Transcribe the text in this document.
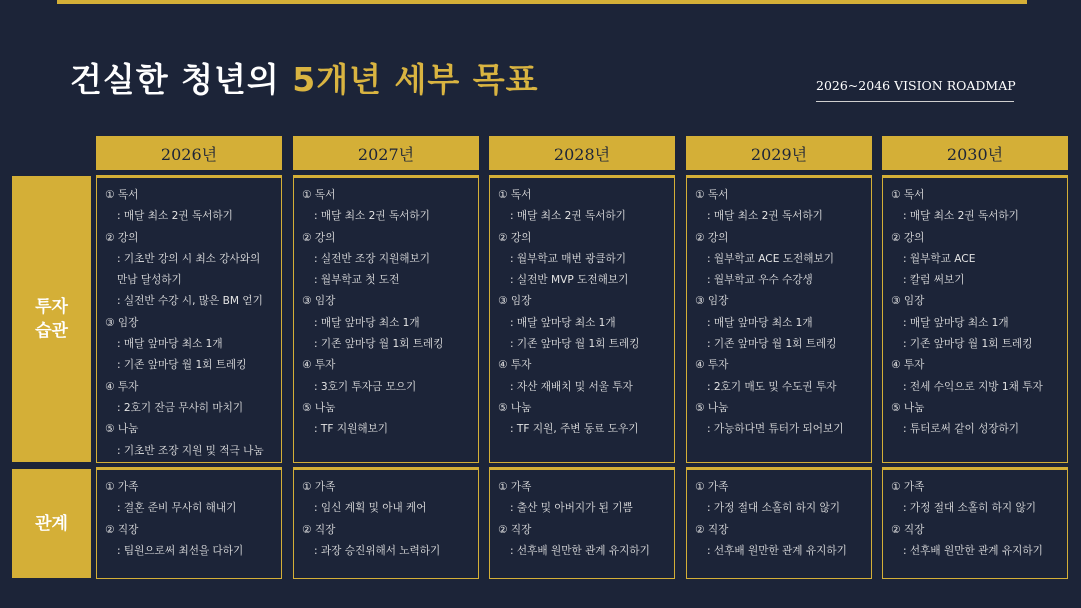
건실한 청년의 5개년 세부 목표	2026~2046 VISION ROADMAP
투자
습관
관계
2026년
① 독서
: 매달 최소 2권 독서하기
② 강의
: 기초반 강의 시 최소 강사와의
만남 달성하기
: 실전반 수강 시, 많은 BM 얻기
③ 임장
: 매달 앞마당 최소 1개
: 기존 앞마당 월 1회 트레킹
④ 투자
: 2호기 잔금 무사히 마치기
⑤ 나눔
: 기초반 조장 지원 및 적극 나눔
① 가족
: 결혼 준비 무사히 해내기
② 직장
: 팀원으로써 최선을 다하기
2027년
① 독서
: 매달 최소 2권 독서하기
② 강의
: 실전반 조장 지원해보기
: 월부학교 첫 도전
③ 임장
: 매달 앞마당 최소 1개
: 기존 앞마당 월 1회 트레킹
④ 투자
: 3호기 투자금 모으기
⑤ 나눔
: TF 지원해보기
① 가족
: 임신 계획 및 아내 케어
② 직장
: 과장 승진위해서 노력하기
2028년
① 독서
: 매달 최소 2권 독서하기
② 강의
: 월부학교 매번 광클하기
: 실전반 MVP 도전해보기
③ 임장
: 매달 앞마당 최소 1개
: 기존 앞마당 월 1회 트레킹
④ 투자
: 자산 재배치 및 서울 투자
⑤ 나눔
: TF 지원, 주변 동료 도우기
① 가족
: 출산 및 아버지가 된 기쁨
② 직장
: 선후배 원만한 관계 유지하기
2029년
① 독서
: 매달 최소 2권 독서하기
② 강의
: 월부학교 ACE 도전해보기
: 월부학교 우수 수강생
③ 임장
: 매달 앞마당 최소 1개
: 기존 앞마당 월 1회 트레킹
④ 투자
: 2호기 매도 및 수도권 투자
⑤ 나눔
: 가능하다면 튜터가 되어보기
① 가족
: 가정 절대 소홀히 하지 않기
② 직장
: 선후배 원만한 관계 유지하기
2030년
① 독서
: 매달 최소 2권 독서하기
② 강의
: 월부학교 ACE
: 칼럼 써보기
③ 임장
: 매달 앞마당 최소 1개
: 기존 앞마당 월 1회 트레킹
④ 투자
: 전세 수익으로 지방 1채 투자
⑤ 나눔
: 튜터로써 같이 성장하기
① 가족
: 가정 절대 소홀히 하지 않기
② 직장
: 선후배 원만한 관계 유지하기
